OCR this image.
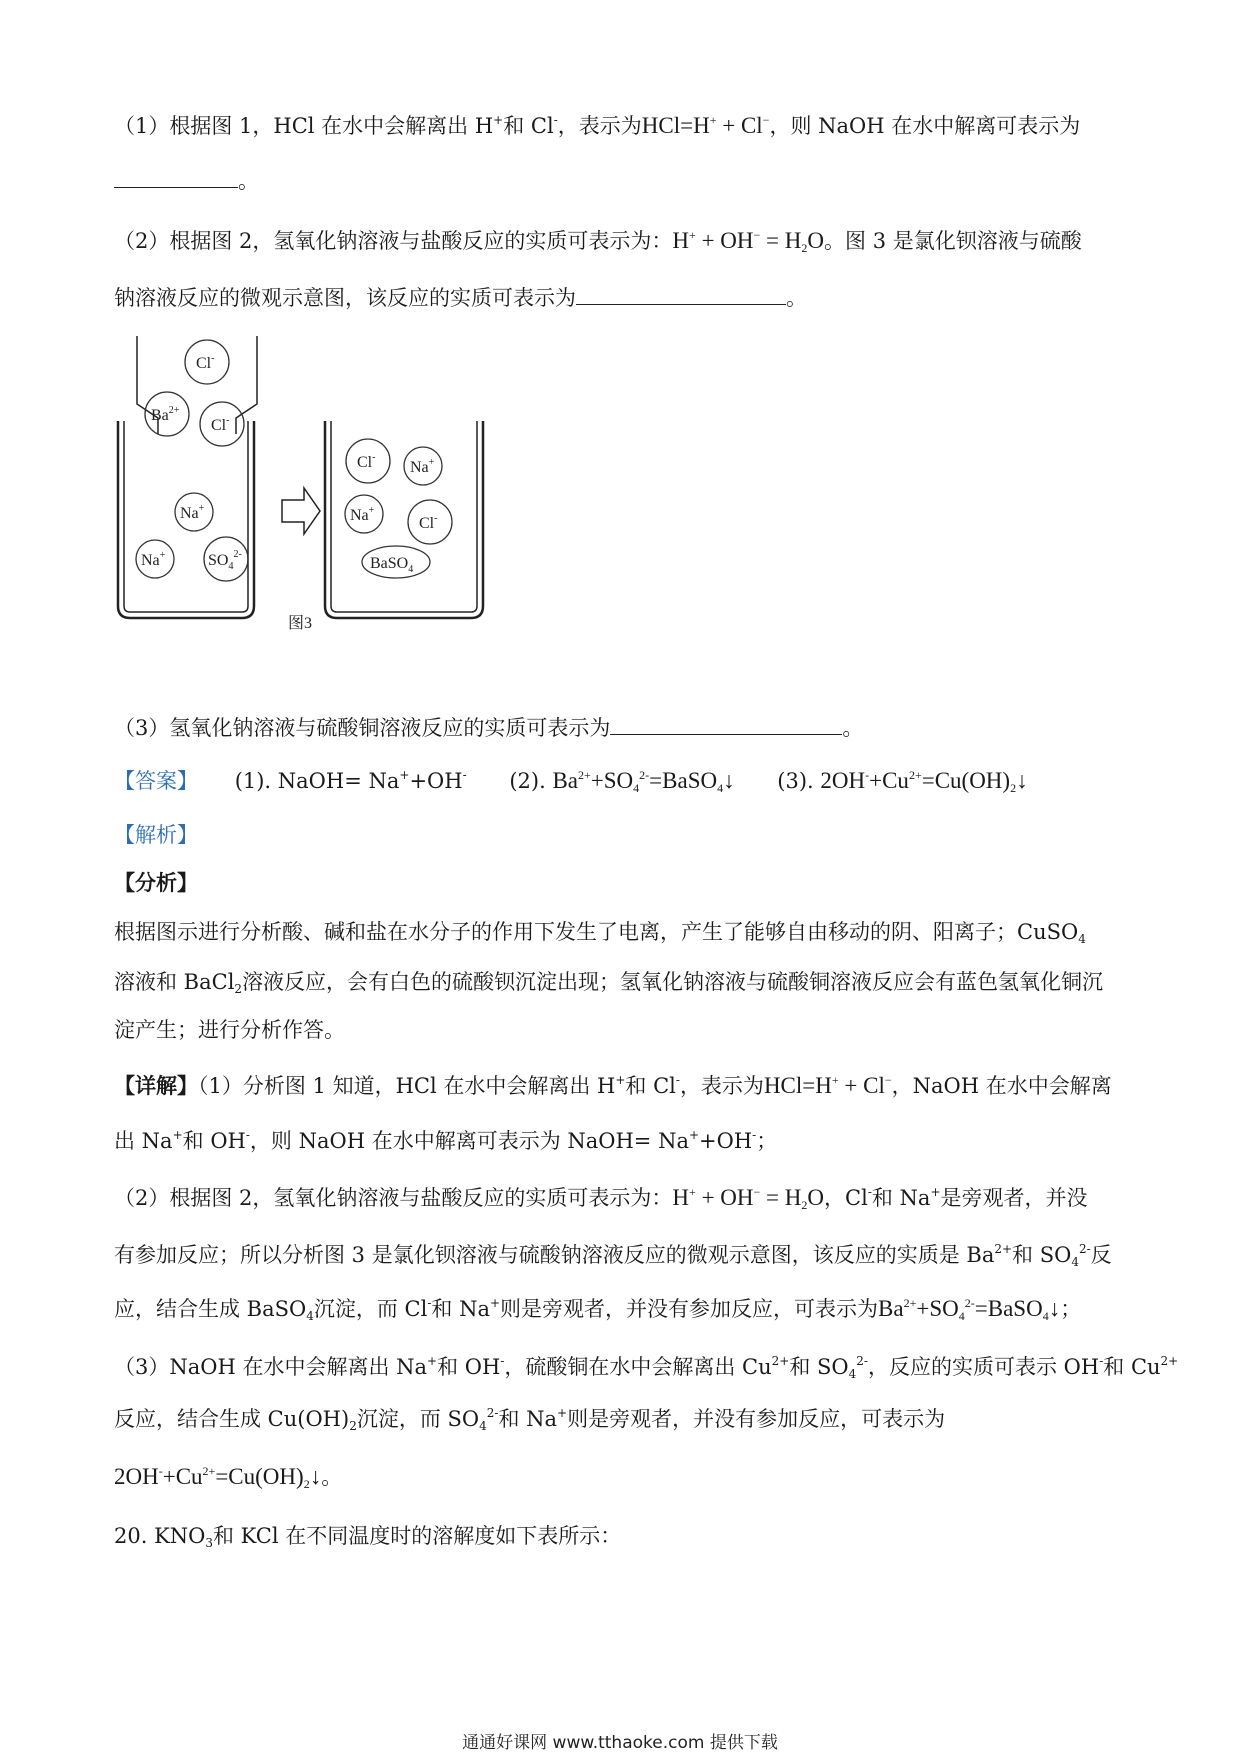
（1）根据图 1，HCl 在水中会解离出 H+和 Cl-，表示为HCl=H+ + Cl−，则 NaOH 在水中解离可表示为
。
（2）根据图 2，氢氧化钠溶液与盐酸反应的实质可表示为：$H^+ + OH^- = H_2O$。图 3 是氯化钡溶液与硫酸
钠溶液反应的微观示意图，该反应的实质可表示为	。
Cl-
$Ba^{2+}$
Cl-
Na+
Na+	$SO_4^{2-}$
Cl-
Na+
Na+
Cl-
BaSO$_4$
图3
（3）氢氧化钠溶液与硫酸铜溶液反应的实质可表示为	。
【答案】 (1). NaOH= Na++OH- (2). $Ba^{2+}+SO_4^{2-}=BaSO_4↓$ (3). $2OH^-+Cu^{2+}=Cu(OH)_2↓$
【解析】
【分析】
根据图示进行分析酸、碱和盐在水分子的作用下发生了电离，产生了能够自由移动的阴、阳离子；CuSO$_4$
溶液和 BaCl$_2$溶液反应，会有白色的硫酸钡沉淀出现；氢氧化钠溶液与硫酸铜溶液反应会有蓝色氢氧化铜沉
淀产生；进行分析作答。
【详解】（1）分析图 1 知道，HCl 在水中会解离出 H+和 Cl-，表示为HCl=H+ + Cl−，NaOH 在水中会解离
出 Na+和 OH-，则 NaOH 在水中解离可表示为 NaOH= Na++OH-；
（2）根据图 2，氢氧化钠溶液与盐酸反应的实质可表示为：$H^+ + OH^- = H_2O$，Cl-和 Na+是旁观者，并没
有参加反应；所以分析图 3 是氯化钡溶液与硫酸钠溶液反应的微观示意图，该反应的实质是 $Ba^{2+}$和 $SO_4^{2-}$反
应，结合生成 BaSO$_4$沉淀，而 Cl-和 Na+则是旁观者，并没有参加反应，可表示为$Ba^{2+}+SO_4^{2-}=BaSO_4↓$；
（3）NaOH 在水中会解离出 Na+和 OH-，硫酸铜在水中会解离出 $Cu^{2+}$和 $SO_4^{2-}$，反应的实质可表示 OH-和 $Cu^{2+}$
反应，结合生成 $Cu(OH)_2$沉淀，而 $SO_4^{2-}$和 Na+则是旁观者，并没有参加反应，可表示为
$2OH^-+Cu^{2+}=Cu(OH)_2↓$。
20. $KNO_3$和 KCl 在不同温度时的溶解度如下表所示：
通通好课网 www.tthaoke.com 提供下载
